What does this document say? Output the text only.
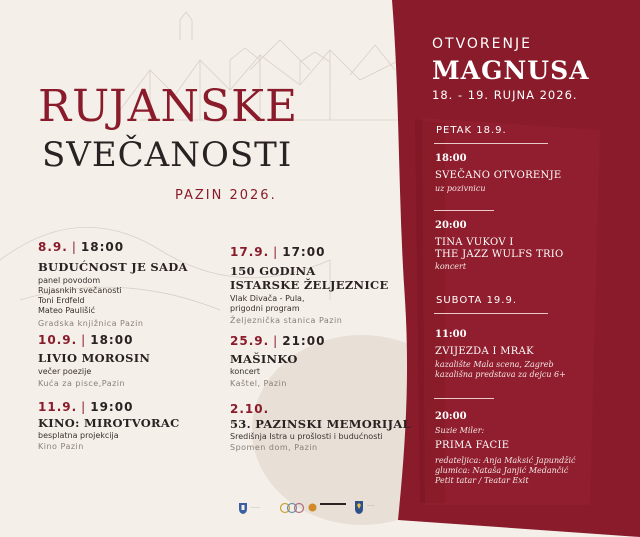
RUJANSKE
SVEČANOSTI
PAZIN 2026.
8.9. | 18:00
BUDUĆNOST JE SADA
panel povodom
Rujasnkih svečanosti
Toni Erdfeld
Mateo Paulišić
Gradska knjižnica Pazin
10.9. | 18:00
LIVIO MOROSIN
večer poezije
Kuća za pisce,Pazin
11.9. | 19:00
KINO: MIROTVORAC
besplatna projekcija
Kino Pazin
17.9. | 17:00
150 GODINA
ISTARSKE ŽELJEZNICE
Vlak Divača - Pula,
prigodni program
Željeznička stanica Pazin
25.9. | 21:00
MAŠINKO
koncert
Kaštel, Pazin
2.10.
53. PAZINSKI MEMORIJAL
Središnja Istra u prošlosti i budućnosti
Spomen dom, Pazin
OTVORENJE
MAGNUSA
18. - 19. RUJNA 2026.
PETAK 18.9.
18:00
SVEČANO OTVORENJE
uz pozivnicu
20:00
TINA VUKOV I
THE JAZZ WULFS TRIO
koncert
SUBOTA 19.9.
11:00
ZVIJEZDA I MRAK
kazalište Mala scena, Zagreb
kazališna predstava za dejcu 6+
20:00
Suzie Miler:
PRIMA FACIE
redateljica: Anja Maksić Japundžić
glumica: Nataša Janjić Medančić
Petit tatar / Teatar Exit
~~~~	~~~
